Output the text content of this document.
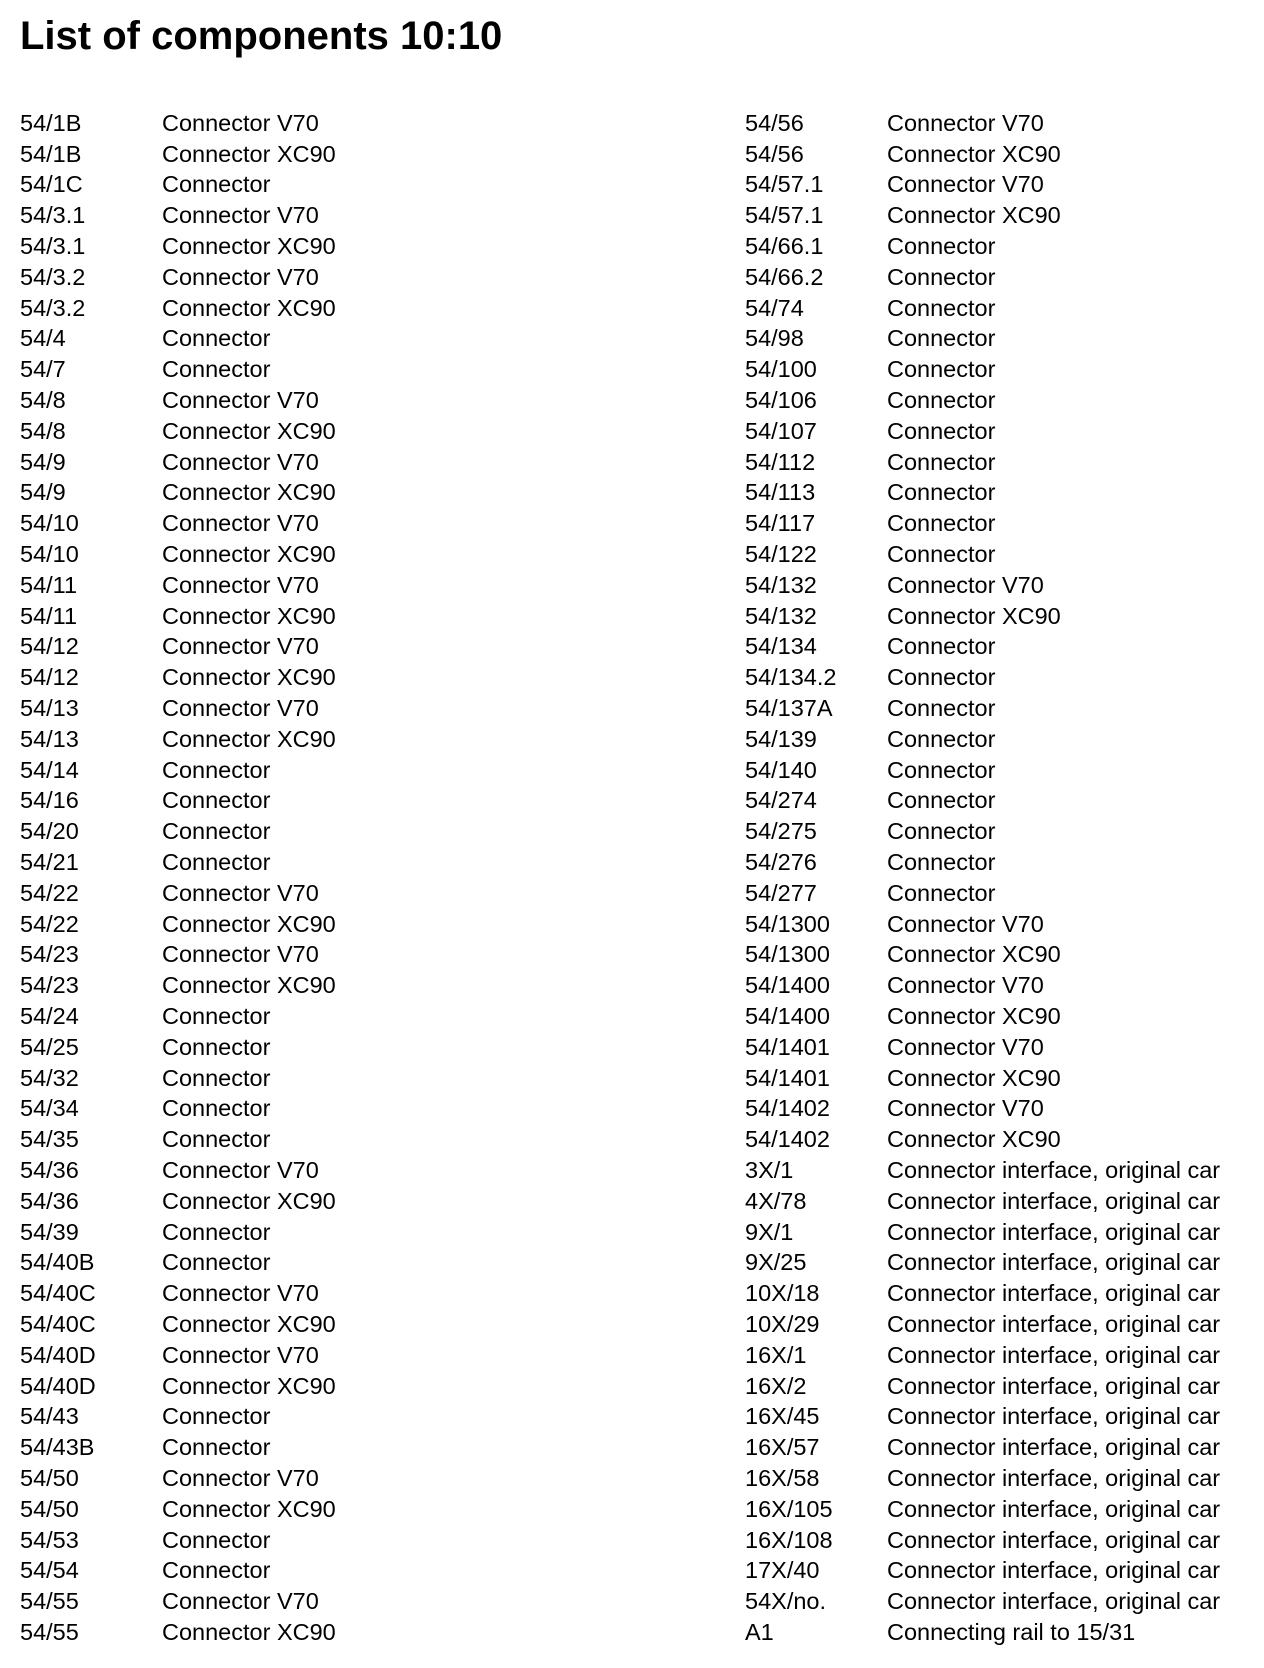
List of components 10:10
54/1B	Connector V70
54/1B	Connector XC90
54/1C	Connector
54/3.1	Connector V70
54/3.1	Connector XC90
54/3.2	Connector V70
54/3.2	Connector XC90
54/4	Connector
54/7	Connector
54/8	Connector V70
54/8	Connector XC90
54/9	Connector V70
54/9	Connector XC90
54/10	Connector V70
54/10	Connector XC90
54/11	Connector V70
54/11	Connector XC90
54/12	Connector V70
54/12	Connector XC90
54/13	Connector V70
54/13	Connector XC90
54/14	Connector
54/16	Connector
54/20	Connector
54/21	Connector
54/22	Connector V70
54/22	Connector XC90
54/23	Connector V70
54/23	Connector XC90
54/24	Connector
54/25	Connector
54/32	Connector
54/34	Connector
54/35	Connector
54/36	Connector V70
54/36	Connector XC90
54/39	Connector
54/40B	Connector
54/40C	Connector V70
54/40C	Connector XC90
54/40D	Connector V70
54/40D	Connector XC90
54/43	Connector
54/43B	Connector
54/50	Connector V70
54/50	Connector XC90
54/53	Connector
54/54	Connector
54/55	Connector V70
54/55	Connector XC90
54/56	Connector V70
54/56	Connector XC90
54/57.1	Connector V70
54/57.1	Connector XC90
54/66.1	Connector
54/66.2	Connector
54/74	Connector
54/98	Connector
54/100	Connector
54/106	Connector
54/107	Connector
54/112	Connector
54/113	Connector
54/117	Connector
54/122	Connector
54/132	Connector V70
54/132	Connector XC90
54/134	Connector
54/134.2	Connector
54/137A	Connector
54/139	Connector
54/140	Connector
54/274	Connector
54/275	Connector
54/276	Connector
54/277	Connector
54/1300	Connector V70
54/1300	Connector XC90
54/1400	Connector V70
54/1400	Connector XC90
54/1401	Connector V70
54/1401	Connector XC90
54/1402	Connector V70
54/1402	Connector XC90
3X/1	Connector interface, original car
4X/78	Connector interface, original car
9X/1	Connector interface, original car
9X/25	Connector interface, original car
10X/18	Connector interface, original car
10X/29	Connector interface, original car
16X/1	Connector interface, original car
16X/2	Connector interface, original car
16X/45	Connector interface, original car
16X/57	Connector interface, original car
16X/58	Connector interface, original car
16X/105	Connector interface, original car
16X/108	Connector interface, original car
17X/40	Connector interface, original car
54X/no.	Connector interface, original car
A1	Connecting rail to 15/31
